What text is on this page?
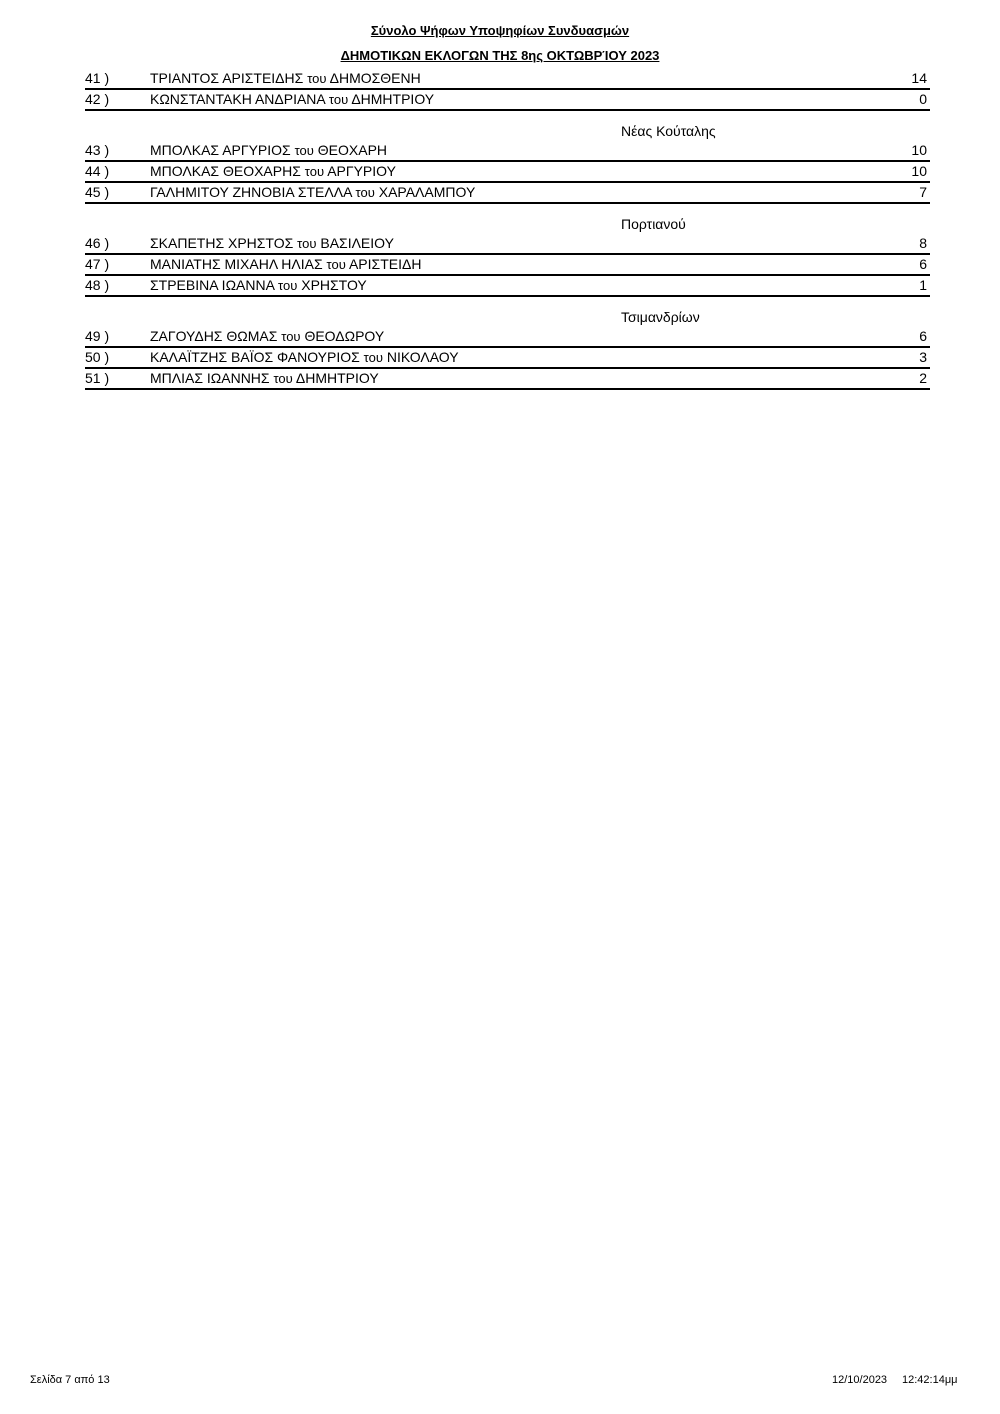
Σύνολο Ψήφων Υποψηφίων Συνδυασμών
ΔΗΜΟΤΙΚΩΝ ΕΚΛΟΓΩΝ ΤΗΣ 8ης ΟΚΤΩΒΡΊΟΥ 2023
41 )	ΤΡΙΑΝΤΟΣ ΑΡΙΣΤΕΙΔΗΣ του ΔΗΜΟΣΘΕΝΗ	14
42 )	ΚΩΝΣΤΑΝΤΑΚΗ ΑΝΔΡΙΑΝΑ του ΔΗΜΗΤΡΙΟΥ	0
Νέας Κούταλης
43 )	ΜΠΟΛΚΑΣ ΑΡΓΥΡΙΟΣ του ΘΕΟΧΑΡΗ	10
44 )	ΜΠΟΛΚΑΣ ΘΕΟΧΑΡΗΣ του ΑΡΓΥΡΙΟΥ	10
45 )	ΓΑΛΗΜΙΤΟΥ ΖΗΝΟΒΙΑ ΣΤΕΛΛΑ του ΧΑΡΑΛΑΜΠΟΥ	7
Πορτιανού
46 )	ΣΚΑΠΕΤΗΣ ΧΡΗΣΤΟΣ του ΒΑΣΙΛΕΙΟΥ	8
47 )	ΜΑΝΙΑΤΗΣ ΜΙΧΑΗΛ ΗΛΙΑΣ του ΑΡΙΣΤΕΙΔΗ	6
48 )	ΣΤΡΕΒΙΝΑ ΙΩΑΝΝΑ του ΧΡΗΣΤΟΥ	1
Τσιμανδρίων
49 )	ΖΑΓΟΥΔΗΣ ΘΩΜΑΣ του ΘΕΟΔΩΡΟΥ	6
50 )	ΚΑΛΑΪΤΖΗΣ ΒΑΪΟΣ ΦΑΝΟΥΡΙΟΣ του ΝΙΚΟΛΑΟΥ	3
51 )	ΜΠΛΙΑΣ ΙΩΑΝΝΗΣ του ΔΗΜΗΤΡΙΟΥ	2
Σελίδα 7 από 13	12/10/2023 12:42:14μμ
